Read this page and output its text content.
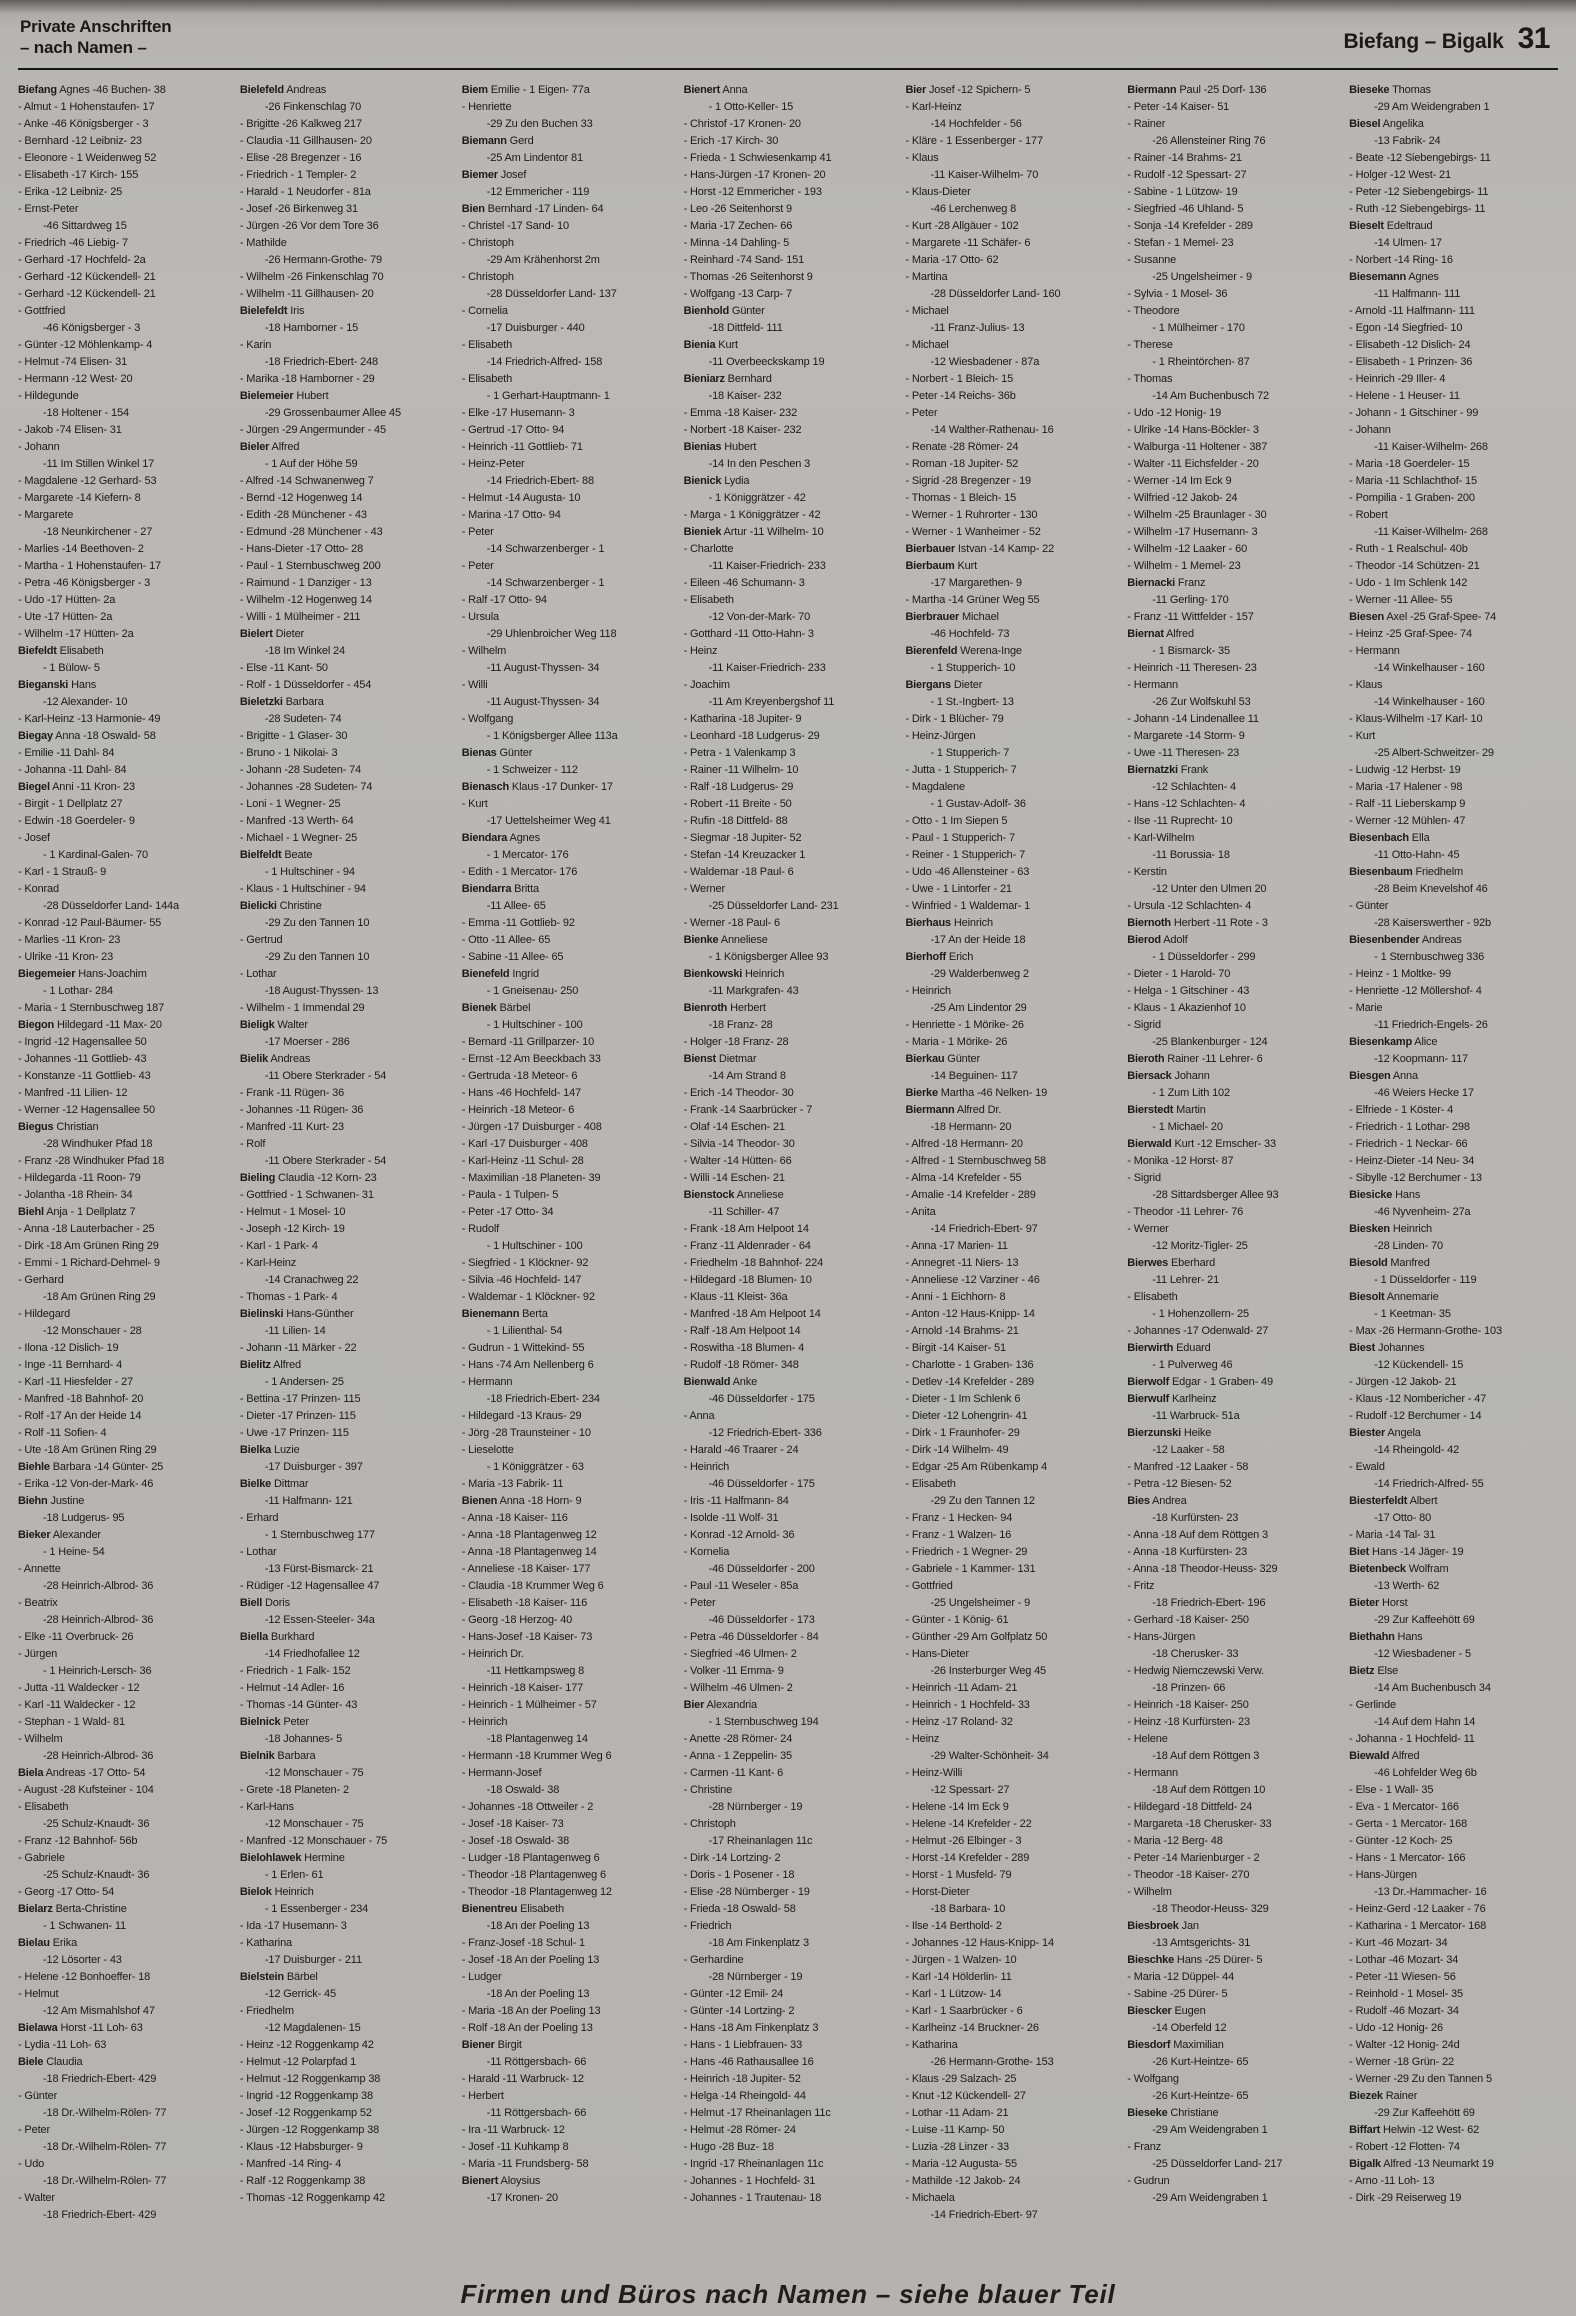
Private Anschriften
– nach Namen –	Biefang – Bigalk 31
Biefang Agnes -46 Buchen- 38
- Almut - 1 Hohenstaufen- 17
- Anke -46 Königsberger - 3
- Bernhard -12 Leibniz- 23
- Eleonore - 1 Weidenweg 52
- Elisabeth -17 Kirch- 155
- Erika -12 Leibniz- 25
- Ernst-Peter
-46 Sittardweg 15
- Friedrich -46 Liebig- 7
- Gerhard -17 Hochfeld- 2a
- Gerhard -12 Kückendell- 21
- Gerhard -12 Kückendell- 21
- Gottfried
-46 Königsberger - 3
- Günter -12 Möhlenkamp- 4
- Helmut -74 Elisen- 31
- Hermann -12 West- 20
- Hildegunde
-18 Holtener - 154
- Jakob -74 Elisen- 31
- Johann
-11 Im Stillen Winkel 17
- Magdalene -12 Gerhard- 53
- Margarete -14 Kiefern- 8
- Margarete
-18 Neunkirchener - 27
- Marlies -14 Beethoven- 2
- Martha - 1 Hohenstaufen- 17
- Petra -46 Königsberger - 3
- Udo -17 Hütten- 2a
- Ute -17 Hütten- 2a
- Wilhelm -17 Hütten- 2a
Biefeldt Elisabeth
- 1 Bülow- 5
Bieganski Hans
-12 Alexander- 10
- Karl-Heinz -13 Harmonie- 49
Biegay Anna -18 Oswald- 58
- Emilie -11 Dahl- 84
- Johanna -11 Dahl- 84
Biegel Anni -11 Kron- 23
- Birgit - 1 Dellplatz 27
- Edwin -18 Goerdeler- 9
- Josef
- 1 Kardinal-Galen- 70
- Karl - 1 Strauß- 9
- Konrad
-28 Düsseldorfer Land- 144a
- Konrad -12 Paul-Bäumer- 55
- Marlies -11 Kron- 23
- Ulrike -11 Kron- 23
Biegemeier Hans-Joachim
- 1 Lothar- 284
- Maria - 1 Sternbuschweg 187
Biegon Hildegard -11 Max- 20
- Ingrid -12 Hagensallee 50
- Johannes -11 Gottlieb- 43
- Konstanze -11 Gottlieb- 43
- Manfred -11 Lilien- 12
- Werner -12 Hagensallee 50
Biegus Christian
-28 Windhuker Pfad 18
- Franz -28 Windhuker Pfad 18
- Hildegarda -11 Roon- 79
- Jolantha -18 Rhein- 34
Biehl Anja - 1 Dellplatz 7
- Anna -18 Lauterbacher - 25
- Dirk -18 Am Grünen Ring 29
- Emmi - 1 Richard-Dehmel- 9
- Gerhard
-18 Am Grünen Ring 29
- Hildegard
-12 Monschauer - 28
- Ilona -12 Dislich- 19
- Inge -11 Bernhard- 4
- Karl -11 Hiesfelder - 27
- Manfred -18 Bahnhof- 20
- Rolf -17 An der Heide 14
- Rolf -11 Sofien- 4
- Ute -18 Am Grünen Ring 29
Biehle Barbara -14 Günter- 25
- Erika -12 Von-der-Mark- 46
Biehn Justine
-18 Ludgerus- 95
Bieker Alexander
- 1 Heine- 54
- Annette
-28 Heinrich-Albrod- 36
- Beatrix
-28 Heinrich-Albrod- 36
- Elke -11 Overbruck- 26
- Jürgen
- 1 Heinrich-Lersch- 36
- Jutta -11 Waldecker - 12
- Karl -11 Waldecker - 12
- Stephan - 1 Wald- 81
- Wilhelm
-28 Heinrich-Albrod- 36
Biela Andreas -17 Otto- 54
- August -28 Kufsteiner - 104
- Elisabeth
-25 Schulz-Knaudt- 36
- Franz -12 Bahnhof- 56b
- Gabriele
-25 Schulz-Knaudt- 36
- Georg -17 Otto- 54
Bielarz Berta-Christine
- 1 Schwanen- 11
Bielau Erika
-12 Lösorter - 43
- Helene -12 Bonhoeffer- 18
- Helmut
-12 Am Mismahlshof 47
Bielawa Horst -11 Loh- 63
- Lydia -11 Loh- 63
Biele Claudia
-18 Friedrich-Ebert- 429
- Günter
-18 Dr.-Wilhelm-Rölen- 77
- Peter
-18 Dr.-Wilhelm-Rölen- 77
- Udo
-18 Dr.-Wilhelm-Rölen- 77
- Walter
-18 Friedrich-Ebert- 429
Bielefeld Andreas
-26 Finkenschlag 70
- Brigitte -26 Kalkweg 217
- Claudia -11 Gillhausen- 20
- Elise -28 Bregenzer - 16
- Friedrich - 1 Templer- 2
- Harald - 1 Neudorfer - 81a
- Josef -26 Birkenweg 31
- Jürgen -26 Vor dem Tore 36
- Mathilde
-26 Hermann-Grothe- 79
- Wilhelm -26 Finkenschlag 70
- Wilhelm -11 Gillhausen- 20
Bielefeldt Iris
-18 Hamborner - 15
- Karin
-18 Friedrich-Ebert- 248
- Marika -18 Hamborner - 29
Bielemeier Hubert
-29 Grossenbaumer Allee 45
- Jürgen -29 Angermunder - 45
Bieler Alfred
- 1 Auf der Höhe 59
- Alfred -14 Schwanenweg 7
- Bernd -12 Hogenweg 14
- Edith -28 Münchener - 43
- Edmund -28 Münchener - 43
- Hans-Dieter -17 Otto- 28
- Paul - 1 Sternbuschweg 200
- Raimund - 1 Danziger - 13
- Wilhelm -12 Hogenweg 14
- Willi - 1 Mülheimer - 211
Bielert Dieter
-18 Im Winkel 24
- Else -11 Kant- 50
- Rolf - 1 Düsseldorfer - 454
Bieletzki Barbara
-28 Sudeten- 74
- Brigitte - 1 Glaser- 30
- Bruno - 1 Nikolai- 3
- Johann -28 Sudeten- 74
- Johannes -28 Sudeten- 74
- Loni - 1 Wegner- 25
- Manfred -13 Werth- 64
- Michael - 1 Wegner- 25
Bielfeldt Beate
- 1 Hultschiner - 94
- Klaus - 1 Hultschiner - 94
Bielicki Christine
-29 Zu den Tannen 10
- Gertrud
-29 Zu den Tannen 10
- Lothar
-18 August-Thyssen- 13
- Wilhelm - 1 Immendal 29
Bieligk Walter
-17 Moerser - 286
Bielik Andreas
-11 Obere Sterkrader - 54
- Frank -11 Rügen- 36
- Johannes -11 Rügen- 36
- Manfred -11 Kurt- 23
- Rolf
-11 Obere Sterkrader - 54
Bieling Claudia -12 Korn- 23
- Gottfried - 1 Schwanen- 31
- Helmut - 1 Mosel- 10
- Joseph -12 Kirch- 19
- Karl - 1 Park- 4
- Karl-Heinz
-14 Cranachweg 22
- Thomas - 1 Park- 4
Bielinski Hans-Günther
-11 Lilien- 14
- Johann -11 Märker - 22
Bielitz Alfred
- 1 Andersen- 25
- Bettina -17 Prinzen- 115
- Dieter -17 Prinzen- 115
- Uwe -17 Prinzen- 115
Bielka Luzie
-17 Duisburger - 397
Bielke Dittmar
-11 Halfmann- 121
- Erhard
- 1 Sternbuschweg 177
- Lothar
-13 Fürst-Bismarck- 21
- Rüdiger -12 Hagensallee 47
Biell Doris
-12 Essen-Steeler- 34a
Biella Burkhard
-14 Friedhofallee 12
- Friedrich - 1 Falk- 152
- Helmut -14 Adler- 16
- Thomas -14 Günter- 43
Bielnick Peter
-18 Johannes- 5
Bielnik Barbara
-12 Monschauer - 75
- Grete -18 Planeten- 2
- Karl-Hans
-12 Monschauer - 75
- Manfred -12 Monschauer - 75
Bielohlawek Hermine
- 1 Erlen- 61
Bielok Heinrich
- 1 Essenberger - 234
- Ida -17 Husemann- 3
- Katharina
-17 Duisburger - 211
Bielstein Bärbel
-12 Gerrick- 45
- Friedhelm
-12 Magdalenen- 15
- Heinz -12 Roggenkamp 42
- Helmut -12 Polarpfad 1
- Helmut -12 Roggenkamp 38
- Ingrid -12 Roggenkamp 38
- Josef -12 Roggenkamp 52
- Jürgen -12 Roggenkamp 38
- Klaus -12 Habsburger- 9
- Manfred -14 Ring- 4
- Ralf -12 Roggenkamp 38
- Thomas -12 Roggenkamp 42
Biem Emilie - 1 Eigen- 77a
- Henriette
-29 Zu den Buchen 33
Biemann Gerd
-25 Am Lindentor 81
Biemer Josef
-12 Emmericher - 119
Bien Bernhard -17 Linden- 64
- Christel -17 Sand- 10
- Christoph
-29 Am Krähenhorst 2m
- Christoph
-28 Düsseldorfer Land- 137
- Cornelia
-17 Duisburger - 440
- Elisabeth
-14 Friedrich-Alfred- 158
- Elisabeth
- 1 Gerhart-Hauptmann- 1
- Elke -17 Husemann- 3
- Gertrud -17 Otto- 94
- Heinrich -11 Gottlieb- 71
- Heinz-Peter
-14 Friedrich-Ebert- 88
- Helmut -14 Augusta- 10
- Marina -17 Otto- 94
- Peter
-14 Schwarzenberger - 1
- Peter
-14 Schwarzenberger - 1
- Ralf -17 Otto- 94
- Ursula
-29 Uhlenbroicher Weg 118
- Wilhelm
-11 August-Thyssen- 34
- Willi
-11 August-Thyssen- 34
- Wolfgang
- 1 Königsberger Allee 113a
Bienas Günter
- 1 Schweizer - 112
Bienasch Klaus -17 Dunker- 17
- Kurt
-17 Uettelsheimer Weg 41
Biendara Agnes
- 1 Mercator- 176
- Edith - 1 Mercator- 176
Biendarra Britta
-11 Allee- 65
- Emma -11 Gottlieb- 92
- Otto -11 Allee- 65
- Sabine -11 Allee- 65
Bienefeld Ingrid
- 1 Gneisenau- 250
Bienek Bärbel
- 1 Hultschiner - 100
- Bernard -11 Grillparzer- 10
- Ernst -12 Am Beeckbach 33
- Gertruda -18 Meteor- 6
- Hans -46 Hochfeld- 147
- Heinrich -18 Meteor- 6
- Jürgen -17 Duisburger - 408
- Karl -17 Duisburger - 408
- Karl-Heinz -11 Schul- 28
- Maximilian -18 Planeten- 39
- Paula - 1 Tulpen- 5
- Peter -17 Otto- 34
- Rudolf
- 1 Hultschiner - 100
- Siegfried - 1 Klöckner- 92
- Silvia -46 Hochfeld- 147
- Waldemar - 1 Klöckner- 92
Bienemann Berta
- 1 Lilienthal- 54
- Gudrun - 1 Wittekind- 55
- Hans -74 Am Nellenberg 6
- Hermann
-18 Friedrich-Ebert- 234
- Hildegard -13 Kraus- 29
- Jörg -28 Traunsteiner - 10
- Lieselotte
- 1 Königgrätzer - 63
- Maria -13 Fabrik- 11
Bienen Anna -18 Horn- 9
- Anna -18 Kaiser- 116
- Anna -18 Plantagenweg 12
- Anna -18 Plantagenweg 14
- Anneliese -18 Kaiser- 177
- Claudia -18 Krummer Weg 6
- Elisabeth -18 Kaiser- 116
- Georg -18 Herzog- 40
- Hans-Josef -18 Kaiser- 73
- Heinrich Dr.
-11 Hettkampsweg 8
- Heinrich -18 Kaiser- 177
- Heinrich - 1 Mülheimer - 57
- Heinrich
-18 Plantagenweg 14
- Hermann -18 Krummer Weg 6
- Hermann-Josef
-18 Oswald- 38
- Johannes -18 Ottweiler - 2
- Josef -18 Kaiser- 73
- Josef -18 Oswald- 38
- Ludger -18 Plantagenweg 6
- Theodor -18 Plantagenweg 6
- Theodor -18 Plantagenweg 12
Bienentreu Elisabeth
-18 An der Poeling 13
- Franz-Josef -18 Schul- 1
- Josef -18 An der Poeling 13
- Ludger
-18 An der Poeling 13
- Maria -18 An der Poeling 13
- Rolf -18 An der Poeling 13
Biener Birgit
-11 Röttgersbach- 66
- Harald -11 Warbruck- 12
- Herbert
-11 Röttgersbach- 66
- Ira -11 Warbruck- 12
- Josef -11 Kuhkamp 8
- Maria -11 Frundsberg- 58
Bienert Aloysius
-17 Kronen- 20
Bienert Anna
- 1 Otto-Keller- 15
- Christof -17 Kronen- 20
- Erich -17 Kirch- 30
- Frieda - 1 Schwiesenkamp 41
- Hans-Jürgen -17 Kronen- 20
- Horst -12 Emmericher - 193
- Leo -26 Seitenhorst 9
- Maria -17 Zechen- 66
- Minna -14 Dahling- 5
- Reinhard -74 Sand- 151
- Thomas -26 Seitenhorst 9
- Wolfgang -13 Carp- 7
Bienhold Günter
-18 Dittfeld- 111
Bienia Kurt
-11 Overbeeckskamp 19
Bieniarz Bernhard
-18 Kaiser- 232
- Emma -18 Kaiser- 232
- Norbert -18 Kaiser- 232
Bienias Hubert
-14 In den Peschen 3
Bienick Lydia
- 1 Königgrätzer - 42
- Marga - 1 Königgrätzer - 42
Bieniek Artur -11 Wilhelm- 10
- Charlotte
-11 Kaiser-Friedrich- 233
- Eileen -46 Schumann- 3
- Elisabeth
-12 Von-der-Mark- 70
- Gotthard -11 Otto-Hahn- 3
- Heinz
-11 Kaiser-Friedrich- 233
- Joachim
-11 Am Kreyenbergshof 11
- Katharina -18 Jupiter- 9
- Leonhard -18 Ludgerus- 29
- Petra - 1 Valenkamp 3
- Rainer -11 Wilhelm- 10
- Ralf -18 Ludgerus- 29
- Robert -11 Breite - 50
- Rufin -18 Dittfeld- 88
- Siegmar -18 Jupiter- 52
- Stefan -14 Kreuzacker 1
- Waldemar -18 Paul- 6
- Werner
-25 Düsseldorfer Land- 231
- Werner -18 Paul- 6
Bienke Anneliese
- 1 Königsberger Allee 93
Bienkowski Heinrich
-11 Markgrafen- 43
Bienroth Herbert
-18 Franz- 28
- Holger -18 Franz- 28
Bienst Dietmar
-14 Am Strand 8
- Erich -14 Theodor- 30
- Frank -14 Saarbrücker - 7
- Olaf -14 Eschen- 21
- Silvia -14 Theodor- 30
- Walter -14 Hütten- 66
- Willi -14 Eschen- 21
Bienstock Anneliese
-11 Schiller- 47
- Frank -18 Am Helpoot 14
- Franz -11 Aldenrader - 64
- Friedhelm -18 Bahnhof- 224
- Hildegard -18 Blumen- 10
- Klaus -11 Kleist- 36a
- Manfred -18 Am Helpoot 14
- Ralf -18 Am Helpoot 14
- Roswitha -18 Blumen- 4
- Rudolf -18 Römer- 348
Bienwald Anke
-46 Düsseldorfer - 175
- Anna
-12 Friedrich-Ebert- 336
- Harald -46 Traarer - 24
- Heinrich
-46 Düsseldorfer - 175
- Iris -11 Halfmann- 84
- Isolde -11 Wolf- 31
- Konrad -12 Arnold- 36
- Kornelia
-46 Düsseldorfer - 200
- Paul -11 Weseler - 85a
- Peter
-46 Düsseldorfer - 173
- Petra -46 Düsseldorfer - 84
- Siegfried -46 Ulmen- 2
- Volker -11 Emma- 9
- Wilhelm -46 Ulmen- 2
Bier Alexandria
- 1 Sternbuschweg 194
- Anette -28 Römer- 24
- Anna - 1 Zeppelin- 35
- Carmen -11 Kant- 6
- Christine
-28 Nürnberger - 19
- Christoph
-17 Rheinanlagen 11c
- Dirk -14 Lortzing- 2
- Doris - 1 Posener - 18
- Elise -28 Nürnberger - 19
- Frieda -18 Oswald- 58
- Friedrich
-18 Am Finkenplatz 3
- Gerhardine
-28 Nürnberger - 19
- Günter -12 Emil- 24
- Günter -14 Lortzing- 2
- Hans -18 Am Finkenplatz 3
- Hans - 1 Liebfrauen- 33
- Hans -46 Rathausallee 16
- Heinrich -18 Jupiter- 52
- Helga -14 Rheingold- 44
- Helmut -17 Rheinanlagen 11c
- Helmut -28 Römer- 24
- Hugo -28 Buz- 18
- Ingrid -17 Rheinanlagen 11c
- Johannes - 1 Hochfeld- 31
- Johannes - 1 Trautenau- 18
Bier Josef -12 Spichern- 5
- Karl-Heinz
-14 Hochfelder - 56
- Kläre - 1 Essenberger - 177
- Klaus
-11 Kaiser-Wilhelm- 70
- Klaus-Dieter
-46 Lerchenweg 8
- Kurt -28 Allgäuer - 102
- Margarete -11 Schäfer- 6
- Maria -17 Otto- 62
- Martina
-28 Düsseldorfer Land- 160
- Michael
-11 Franz-Julius- 13
- Michael
-12 Wiesbadener - 87a
- Norbert - 1 Bleich- 15
- Peter -14 Reichs- 36b
- Peter
-14 Walther-Rathenau- 16
- Renate -28 Römer- 24
- Roman -18 Jupiter- 52
- Sigrid -28 Bregenzer - 19
- Thomas - 1 Bleich- 15
- Werner - 1 Ruhrorter - 130
- Werner - 1 Wanheimer - 52
Bierbauer Istvan -14 Kamp- 22
Bierbaum Kurt
-17 Margarethen- 9
- Martha -14 Grüner Weg 55
Bierbrauer Michael
-46 Hochfeld- 73
Bierenfeld Werena-Inge
- 1 Stupperich- 10
Biergans Dieter
- 1 St.-Ingbert- 13
- Dirk - 1 Blücher- 79
- Heinz-Jürgen
- 1 Stupperich- 7
- Jutta - 1 Stupperich- 7
- Magdalene
- 1 Gustav-Adolf- 36
- Otto - 1 Im Siepen 5
- Paul - 1 Stupperich- 7
- Reiner - 1 Stupperich- 7
- Udo -46 Allensteiner - 63
- Uwe - 1 Lintorfer - 21
- Winfried - 1 Waldemar- 1
Bierhaus Heinrich
-17 An der Heide 18
Bierhoff Erich
-29 Walderbenweg 2
- Heinrich
-25 Am Lindentor 29
- Henriette - 1 Mörike- 26
- Maria - 1 Mörike- 26
Bierkau Günter
-14 Beguinen- 117
Bierke Martha -46 Nelken- 19
Biermann Alfred Dr.
-18 Hermann- 20
- Alfred -18 Hermann- 20
- Alfred - 1 Sternbuschweg 58
- Alma -14 Krefelder - 55
- Amalie -14 Krefelder - 289
- Anita
-14 Friedrich-Ebert- 97
- Anna -17 Marien- 11
- Annegret -11 Niers- 13
- Anneliese -12 Varziner - 46
- Anni - 1 Eichhorn- 8
- Anton -12 Haus-Knipp- 14
- Arnold -14 Brahms- 21
- Birgit -14 Kaiser- 51
- Charlotte - 1 Graben- 136
- Detlev -14 Krefelder - 289
- Dieter - 1 Im Schlenk 6
- Dieter -12 Lohengrin- 41
- Dirk - 1 Fraunhofer- 29
- Dirk -14 Wilhelm- 49
- Edgar -25 Am Rübenkamp 4
- Elisabeth
-29 Zu den Tannen 12
- Franz - 1 Hecken- 94
- Franz - 1 Walzen- 16
- Friedrich - 1 Wegner- 29
- Gabriele - 1 Kammer- 131
- Gottfried
-25 Ungelsheimer - 9
- Günter - 1 König- 61
- Günther -29 Am Golfplatz 50
- Hans-Dieter
-26 Insterburger Weg 45
- Heinrich -11 Adam- 21
- Heinrich - 1 Hochfeld- 33
- Heinz -17 Roland- 32
- Heinz
-29 Walter-Schönheit- 34
- Heinz-Willi
-12 Spessart- 27
- Helene -14 Im Eck 9
- Helene -14 Krefelder - 22
- Helmut -26 Elbinger - 3
- Horst -14 Krefelder - 289
- Horst - 1 Musfeld- 79
- Horst-Dieter
-18 Barbara- 10
- Ilse -14 Berthold- 2
- Johannes -12 Haus-Knipp- 14
- Jürgen - 1 Walzen- 10
- Karl -14 Hölderlin- 11
- Karl - 1 Lützow- 14
- Karl - 1 Saarbrücker - 6
- Karlheinz -14 Bruckner- 26
- Katharina
-26 Hermann-Grothe- 153
- Klaus -29 Salzach- 25
- Knut -12 Kückendell- 27
- Lothar -11 Adam- 21
- Luise -11 Kamp- 50
- Luzia -28 Linzer - 33
- Maria -12 Augusta- 55
- Mathilde -12 Jakob- 24
- Michaela
-14 Friedrich-Ebert- 97
Biermann Paul -25 Dorf- 136
- Peter -14 Kaiser- 51
- Rainer
-26 Allensteiner Ring 76
- Rainer -14 Brahms- 21
- Rudolf -12 Spessart- 27
- Sabine - 1 Lützow- 19
- Siegfried -46 Uhland- 5
- Sonja -14 Krefelder - 289
- Stefan - 1 Memel- 23
- Susanne
-25 Ungelsheimer - 9
- Sylvia - 1 Mosel- 36
- Theodore
- 1 Mülheimer - 170
- Therese
- 1 Rheintörchen- 87
- Thomas
-14 Am Buchenbusch 72
- Udo -12 Honig- 19
- Ulrike -14 Hans-Böckler- 3
- Walburga -11 Holtener - 387
- Walter -11 Eichsfelder - 20
- Werner -14 Im Eck 9
- Wilfried -12 Jakob- 24
- Wilhelm -25 Braunlager - 30
- Wilhelm -17 Husemann- 3
- Wilhelm -12 Laaker - 60
- Wilhelm - 1 Memel- 23
Biernacki Franz
-11 Gerling- 170
- Franz -11 Wittfelder - 157
Biernat Alfred
- 1 Bismarck- 35
- Heinrich -11 Theresen- 23
- Hermann
-26 Zur Wolfskuhl 53
- Johann -14 Lindenallee 11
- Margarete -14 Storm- 9
- Uwe -11 Theresen- 23
Biernatzki Frank
-12 Schlachten- 4
- Hans -12 Schlachten- 4
- Ilse -11 Ruprecht- 10
- Karl-Wilhelm
-11 Borussia- 18
- Kerstin
-12 Unter den Ulmen 20
- Ursula -12 Schlachten- 4
Biernoth Herbert -11 Rote - 3
Bierod Adolf
- 1 Düsseldorfer - 299
- Dieter - 1 Harold- 70
- Helga - 1 Gitschiner - 43
- Klaus - 1 Akazienhof 10
- Sigrid
-25 Blankenburger - 124
Bieroth Rainer -11 Lehrer- 6
Biersack Johann
- 1 Zum Lith 102
Bierstedt Martin
- 1 Michael- 20
Bierwald Kurt -12 Emscher- 33
- Monika -12 Horst- 87
- Sigrid
-28 Sittardsberger Allee 93
- Theodor -11 Lehrer- 76
- Werner
-12 Moritz-Tigler- 25
Bierwes Eberhard
-11 Lehrer- 21
- Elisabeth
- 1 Hohenzollern- 25
- Johannes -17 Odenwald- 27
Bierwirth Eduard
- 1 Pulverweg 46
Bierwolf Edgar - 1 Graben- 49
Bierwulf Karlheinz
-11 Warbruck- 51a
Bierzunski Heike
-12 Laaker - 58
- Manfred -12 Laaker - 58
- Petra -12 Biesen- 52
Bies Andrea
-18 Kurfürsten- 23
- Anna -18 Auf dem Röttgen 3
- Anna -18 Kurfürsten- 23
- Anna -18 Theodor-Heuss- 329
- Fritz
-18 Friedrich-Ebert- 196
- Gerhard -18 Kaiser- 250
- Hans-Jürgen
-18 Cherusker- 33
- Hedwig Niemczewski Verw.
-18 Prinzen- 66
- Heinrich -18 Kaiser- 250
- Heinz -18 Kurfürsten- 23
- Helene
-18 Auf dem Röttgen 3
- Hermann
-18 Auf dem Röttgen 10
- Hildegard -18 Dittfeld- 24
- Margareta -18 Cherusker- 33
- Maria -12 Berg- 48
- Peter -14 Marienburger - 2
- Theodor -18 Kaiser- 270
- Wilhelm
-18 Theodor-Heuss- 329
Biesbroek Jan
-13 Amtsgerichts- 31
Bieschke Hans -25 Dürer- 5
- Maria -12 Düppel- 44
- Sabine -25 Dürer- 5
Biescker Eugen
-14 Oberfeld 12
Biesdorf Maximilian
-26 Kurt-Heintze- 65
- Wolfgang
-26 Kurt-Heintze- 65
Bieseke Christiane
-29 Am Weidengraben 1
- Franz
-25 Düsseldorfer Land- 217
- Gudrun
-29 Am Weidengraben 1
Bieseke Thomas
-29 Am Weidengraben 1
Biesel Angelika
-13 Fabrik- 24
- Beate -12 Siebengebirgs- 11
- Holger -12 West- 21
- Peter -12 Siebengebirgs- 11
- Ruth -12 Siebengebirgs- 11
Bieselt Edeltraud
-14 Ulmen- 17
- Norbert -14 Ring- 16
Biesemann Agnes
-11 Halfmann- 111
- Arnold -11 Halfmann- 111
- Egon -14 Siegfried- 10
- Elisabeth -12 Dislich- 24
- Elisabeth - 1 Prinzen- 36
- Heinrich -29 Iller- 4
- Helene - 1 Heuser- 11
- Johann - 1 Gitschiner - 99
- Johann
-11 Kaiser-Wilhelm- 268
- Maria -18 Goerdeler- 15
- Maria -11 Schlachthof- 15
- Pompilia - 1 Graben- 200
- Robert
-11 Kaiser-Wilhelm- 268
- Ruth - 1 Realschul- 40b
- Theodor -14 Schützen- 21
- Udo - 1 Im Schlenk 142
- Werner -11 Allee- 55
Biesen Axel -25 Graf-Spee- 74
- Heinz -25 Graf-Spee- 74
- Hermann
-14 Winkelhauser - 160
- Klaus
-14 Winkelhauser - 160
- Klaus-Wilhelm -17 Karl- 10
- Kurt
-25 Albert-Schweitzer- 29
- Ludwig -12 Herbst- 19
- Maria -17 Halener - 98
- Ralf -11 Lieberskamp 9
- Werner -12 Mühlen- 47
Biesenbach Ella
-11 Otto-Hahn- 45
Biesenbaum Friedhelm
-28 Beim Knevelshof 46
- Günter
-28 Kaiserswerther - 92b
Biesenbender Andreas
- 1 Sternbuschweg 336
- Heinz - 1 Moltke- 99
- Henriette -12 Möllershof- 4
- Marie
-11 Friedrich-Engels- 26
Biesenkamp Alice
-12 Koopmann- 117
Biesgen Anna
-46 Weiers Hecke 17
- Elfriede - 1 Köster- 4
- Friedrich - 1 Lothar- 298
- Friedrich - 1 Neckar- 66
- Heinz-Dieter -14 Neu- 34
- Sibylle -12 Berchumer - 13
Biesicke Hans
-46 Nyvenheim- 27a
Biesken Heinrich
-28 Linden- 70
Biesold Manfred
- 1 Düsseldorfer - 119
Biesolt Annemarie
- 1 Keetman- 35
- Max -26 Hermann-Grothe- 103
Biest Johannes
-12 Kückendell- 15
- Jürgen -12 Jakob- 21
- Klaus -12 Nombericher - 47
- Rudolf -12 Berchumer - 14
Biester Angela
-14 Rheingold- 42
- Ewald
-14 Friedrich-Alfred- 55
Biesterfeldt Albert
-17 Otto- 80
- Maria -14 Tal- 31
Biet Hans -14 Jäger- 19
Bietenbeck Wolfram
-13 Werth- 62
Bieter Horst
-29 Zur Kaffeehött 69
Biethahn Hans
-12 Wiesbadener - 5
Bietz Else
-14 Am Buchenbusch 34
- Gerlinde
-14 Auf dem Hahn 14
- Johanna - 1 Hochfeld- 11
Biewald Alfred
-46 Lohfelder Weg 6b
- Else - 1 Wall- 35
- Eva - 1 Mercator- 166
- Gerta - 1 Mercator- 168
- Günter -12 Koch- 25
- Hans - 1 Mercator- 166
- Hans-Jürgen
-13 Dr.-Hammacher- 16
- Heinz-Gerd -12 Laaker - 76
- Katharina - 1 Mercator- 168
- Kurt -46 Mozart- 34
- Lothar -46 Mozart- 34
- Peter -11 Wiesen- 56
- Reinhold - 1 Mosel- 35
- Rudolf -46 Mozart- 34
- Udo -12 Honig- 26
- Walter -12 Honig- 24d
- Werner -18 Grün- 22
- Werner -29 Zu den Tannen 5
Biezek Rainer
-29 Zur Kaffeehött 69
Biffart Helwin -12 West- 62
- Robert -12 Flotten- 74
Bigalk Alfred -13 Neumarkt 19
- Arno -11 Loh- 13
- Dirk -29 Reiserweg 19
Firmen und Büros nach Namen – siehe blauer Teil
